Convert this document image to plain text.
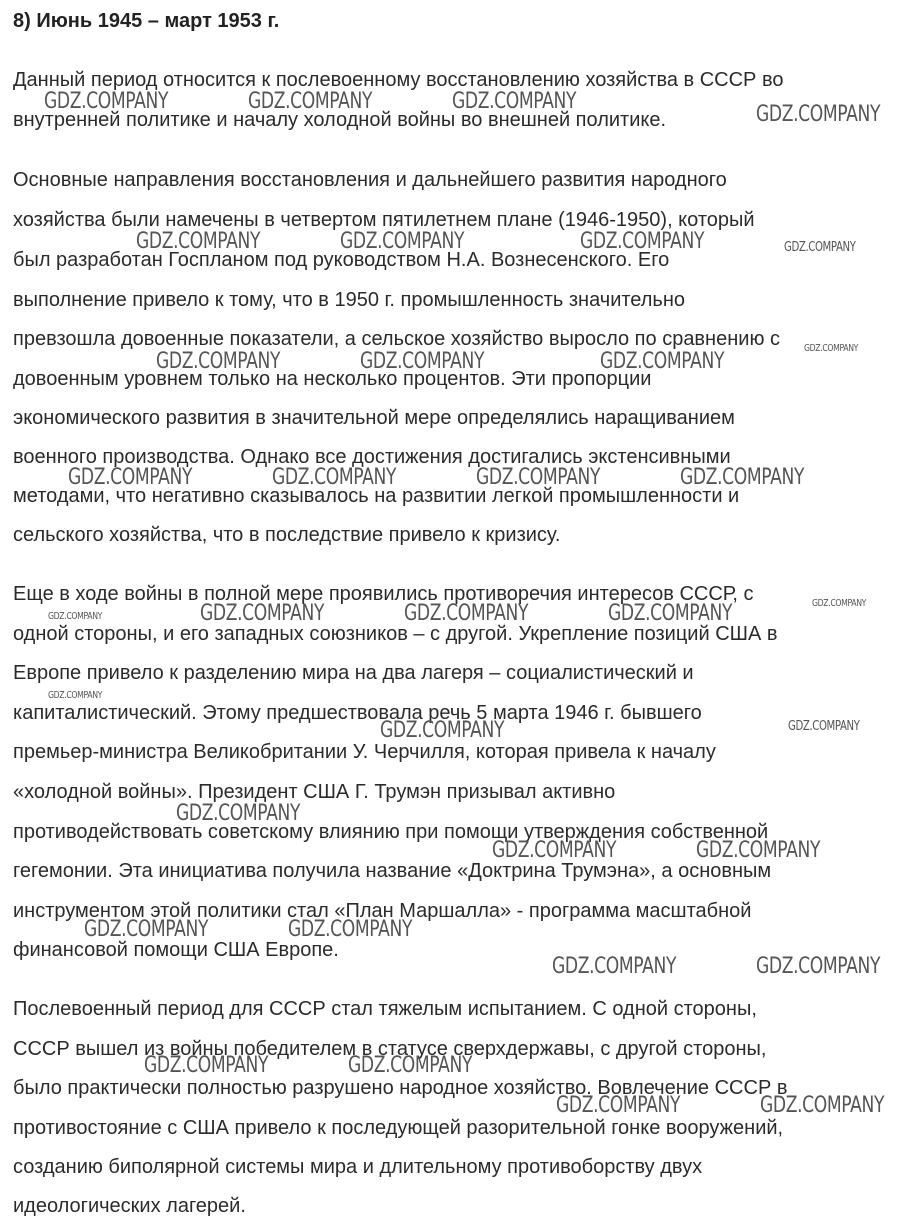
8) Июнь 1945 – март 1953 г.
Данный период относится к послевоенному восстановлению хозяйства в СССР во
внутренней политике и началу холодной войны во внешней политике.
Основные направления восстановления и дальнейшего развития народного
хозяйства были намечены в четвертом пятилетнем плане (1946-1950), который
был разработан Госпланом под руководством Н.А. Вознесенского. Его
выполнение привело к тому, что в 1950 г. промышленность значительно
превзошла довоенные показатели, а сельское хозяйство выросло по сравнению с
довоенным уровнем только на несколько процентов. Эти пропорции
экономического развития в значительной мере определялись наращиванием
военного производства. Однако все достижения достигались экстенсивными
методами, что негативно сказывалось на развитии легкой промышленности и
сельского хозяйства, что в последствие привело к кризису.
Еще в ходе войны в полной мере проявились противоречия интересов СССР, с
одной стороны, и его западных союзников – с другой. Укрепление позиций США в
Европе привело к разделению мира на два лагеря – социалистический и
капиталистический. Этому предшествовала речь 5 марта 1946 г. бывшего
премьер-министра Великобритании У. Черчилля, которая привела к началу
«холодной войны». Президент США Г. Трумэн призывал активно
противодействовать советскому влиянию при помощи утверждения собственной
гегемонии. Эта инициатива получила название «Доктрина Трумэна», а основным
инструментом этой политики стал «План Маршалла» - программа масштабной
финансовой помощи США Европе.
Послевоенный период для СССР стал тяжелым испытанием. С одной стороны,
СССР вышел из войны победителем в статусе сверхдержавы, с другой стороны,
было практически полностью разрушено народное хозяйство. Вовлечение СССР в
противостояние с США привело к последующей разорительной гонке вооружений,
созданию биполярной системы мира и длительному противоборству двух
идеологических лагерей.
GDZ.COMPANY	GDZ.COMPANY	GDZ.COMPANY
GDZ.COMPANY
GDZ.COMPANY	GDZ.COMPANY	GDZ.COMPANY	GDZ.COMPANY
GDZ.COMPANY	GDZ.COMPANY	GDZ.COMPANY
GDZ.COMPANY
GDZ.COMPANY	GDZ.COMPANY	GDZ.COMPANY	GDZ.COMPANY
GDZ.COMPANY	GDZ.COMPANY	GDZ.COMPANY	GDZ.COMPANY	GDZ.COMPANY
GDZ.COMPANY
GDZ.COMPANY	GDZ.COMPANY
GDZ.COMPANY
GDZ.COMPANY	GDZ.COMPANY
GDZ.COMPANY	GDZ.COMPANY
GDZ.COMPANY	GDZ.COMPANY
GDZ.COMPANY	GDZ.COMPANY
GDZ.COMPANY	GDZ.COMPANY
